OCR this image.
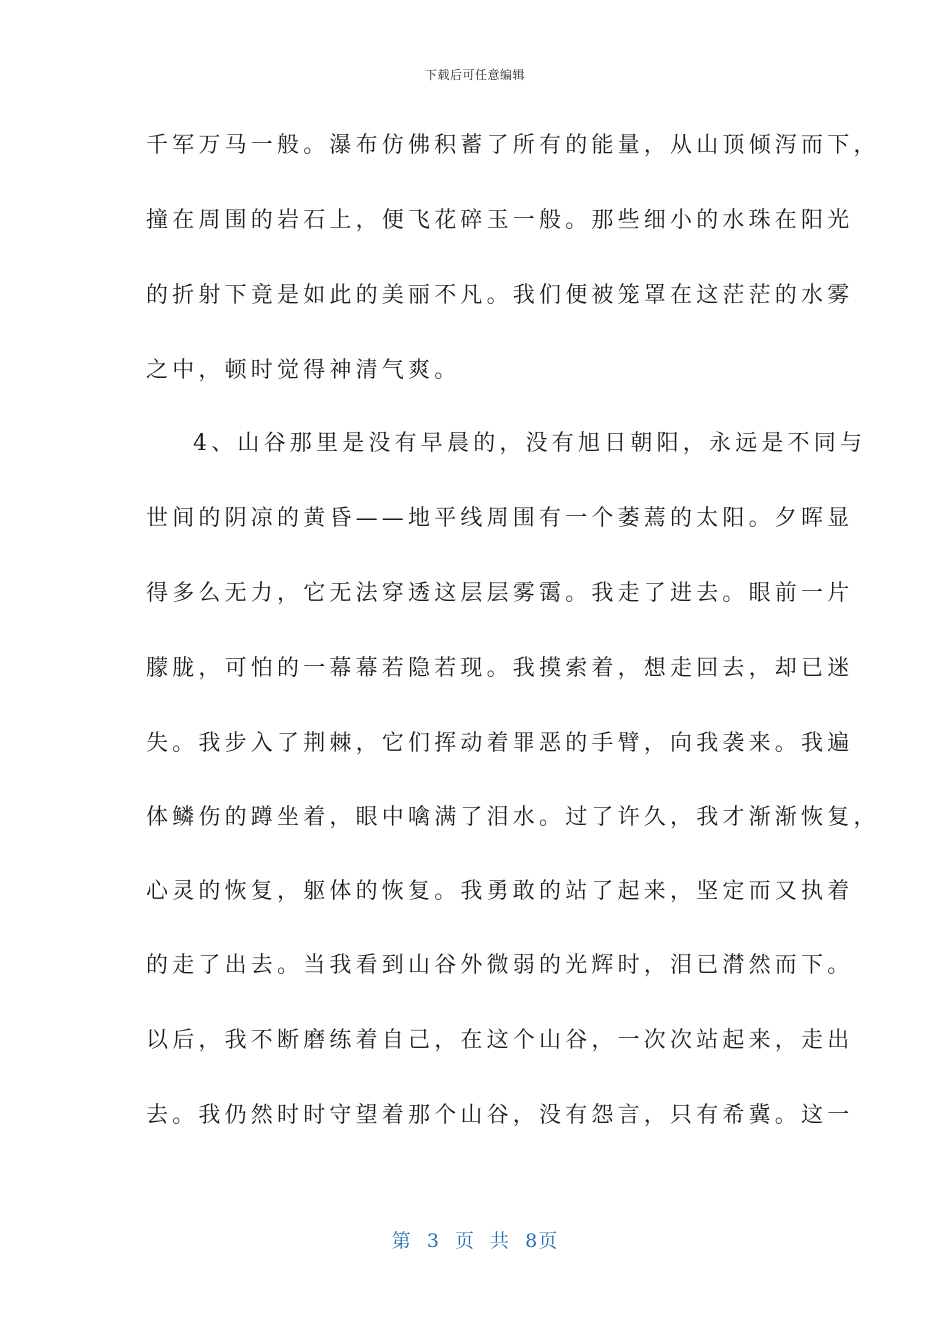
下载后可任意编辑
千军万马一般。瀑布仿佛积蓄了所有的能量，从山顶倾泻而下，
撞在周围的岩石上，便飞花碎玉一般。那些细小的水珠在阳光
的折射下竟是如此的美丽不凡。我们便被笼罩在这茫茫的水雾
之中，顿时觉得神清气爽。
4、山谷那里是没有早晨的，没有旭日朝阳，永远是不同与
世间的阴凉的黄昏——地平线周围有一个萎蔫的太阳。夕晖显
得多么无力，它无法穿透这层层雾霭。我走了进去。眼前一片
朦胧，可怕的一幕幕若隐若现。我摸索着，想走回去，却已迷
失。我步入了荆棘，它们挥动着罪恶的手臂，向我袭来。我遍
体鳞伤的蹲坐着，眼中噙满了泪水。过了许久，我才渐渐恢复，
心灵的恢复，躯体的恢复。我勇敢的站了起来，坚定而又执着
的走了出去。当我看到山谷外微弱的光辉时，泪已潸然而下。
以后，我不断磨练着自己，在这个山谷，一次次站起来，走出
去。我仍然时时守望着那个山谷，没有怨言，只有希冀。这一
第 3 页 共 8页
